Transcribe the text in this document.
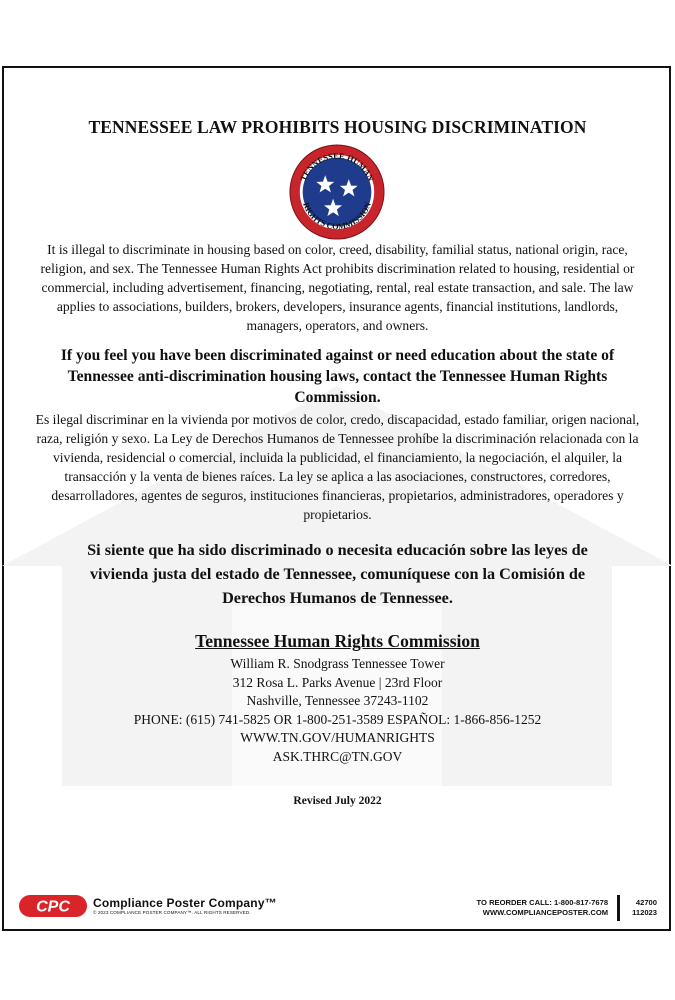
TENNESSEE LAW PROHIBITS HOUSING DISCRIMINATION
TENNESSEE HUMAN
RIGHTS COMMISSION
It is illegal to discriminate in housing based on color, creed, disability, familial status, national origin, race, religion, and sex. The Tennessee Human Rights Act prohibits discrimination related to housing, residential or commercial, including advertisement, financing, negotiating, rental, real estate transaction, and sale. The law applies to associations, builders, brokers, developers, insurance agents, financial institutions, landlords, managers, operators, and owners.
If you feel you have been discriminated against or need education about the state of Tennessee anti-discrimination housing laws, contact the Tennessee Human Rights Commission.
Es ilegal discriminar en la vivienda por motivos de color, credo, discapacidad, estado familiar, origen nacional, raza, religión y sexo. La Ley de Derechos Humanos de Tennessee prohíbe la discriminación relacionada con la vivienda, residencial o comercial, incluida la publicidad, el financiamiento, la negociación, el alquiler, la transacción y la venta de bienes raíces. La ley se aplica a las asociaciones, constructores, corredores, desarrolladores, agentes de seguros, instituciones financieras, propietarios, administradores, operadores y propietarios.
Si siente que ha sido discriminado o necesita educación sobre las leyes de vivienda justa del estado de Tennessee, comuníquese con la Comisión de Derechos Humanos de Tennessee.
Tennessee Human Rights Commission
William R. Snodgrass Tennessee Tower
312 Rosa L. Parks Avenue | 23rd Floor
Nashville, Tennessee 37243-1102
PHONE: (615) 741-5825 OR 1-800-251-3589 ESPAÑOL: 1-866-856-1252
WWW.TN.GOV/HUMANRIGHTS
ASK.THRC@TN.GOV
Revised July 2022
CPC Compliance Poster Company™
© 2023 COMPLIANCE POSTER COMPANY™. ALL RIGHTS RESERVED.
TO REORDER CALL: 1-800-817-7678
WWW.COMPLIANCEPOSTER.COM
42700
112023
